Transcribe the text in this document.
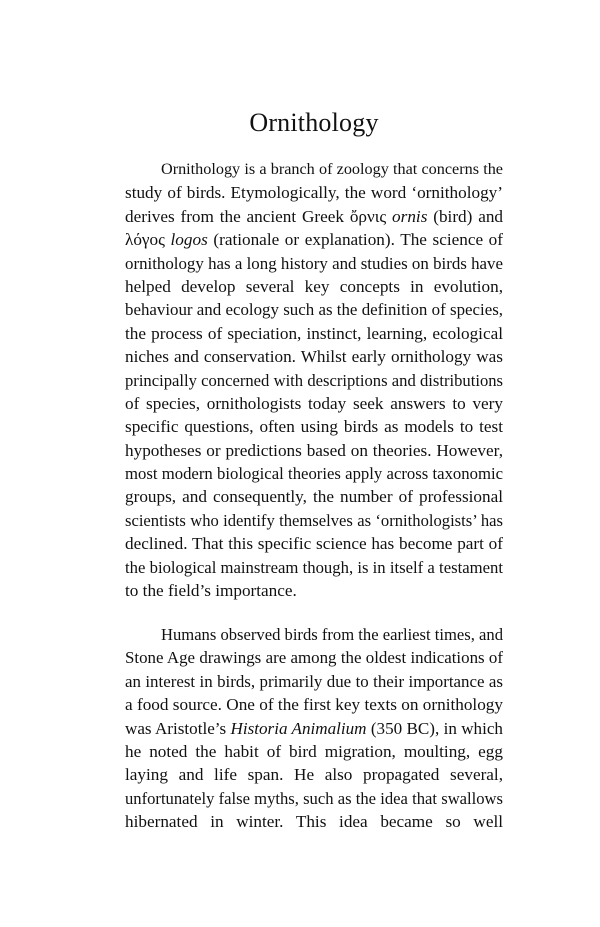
Ornithology
Ornithology is a branch of zoology that concerns the
study of birds. Etymologically, the word ‘ornithology’
derives from the ancient Greek ὄρνις ornis (bird) and
λόγος logos (rationale or explanation). The science of
ornithology has a long history and studies on birds have
helped develop several key concepts in evolution,
behaviour and ecology such as the definition of species,
the process of speciation, instinct, learning, ecological
niches and conservation. Whilst early ornithology was
principally concerned with descriptions and distributions
of species, ornithologists today seek answers to very
specific questions, often using birds as models to test
hypotheses or predictions based on theories. However,
most modern biological theories apply across taxonomic
groups, and consequently, the number of professional
scientists who identify themselves as ‘ornithologists’ has
declined. That this specific science has become part of
the biological mainstream though, is in itself a testament
to the field’s importance.
Humans observed birds from the earliest times, and
Stone Age drawings are among the oldest indications of
an interest in birds, primarily due to their importance as
a food source. One of the first key texts on ornithology
was Aristotle’s Historia Animalium (350 BC), in which
he noted the habit of bird migration, moulting, egg
laying and life span. He also propagated several,
unfortunately false myths, such as the idea that swallows
hibernated in winter. This idea became so well
